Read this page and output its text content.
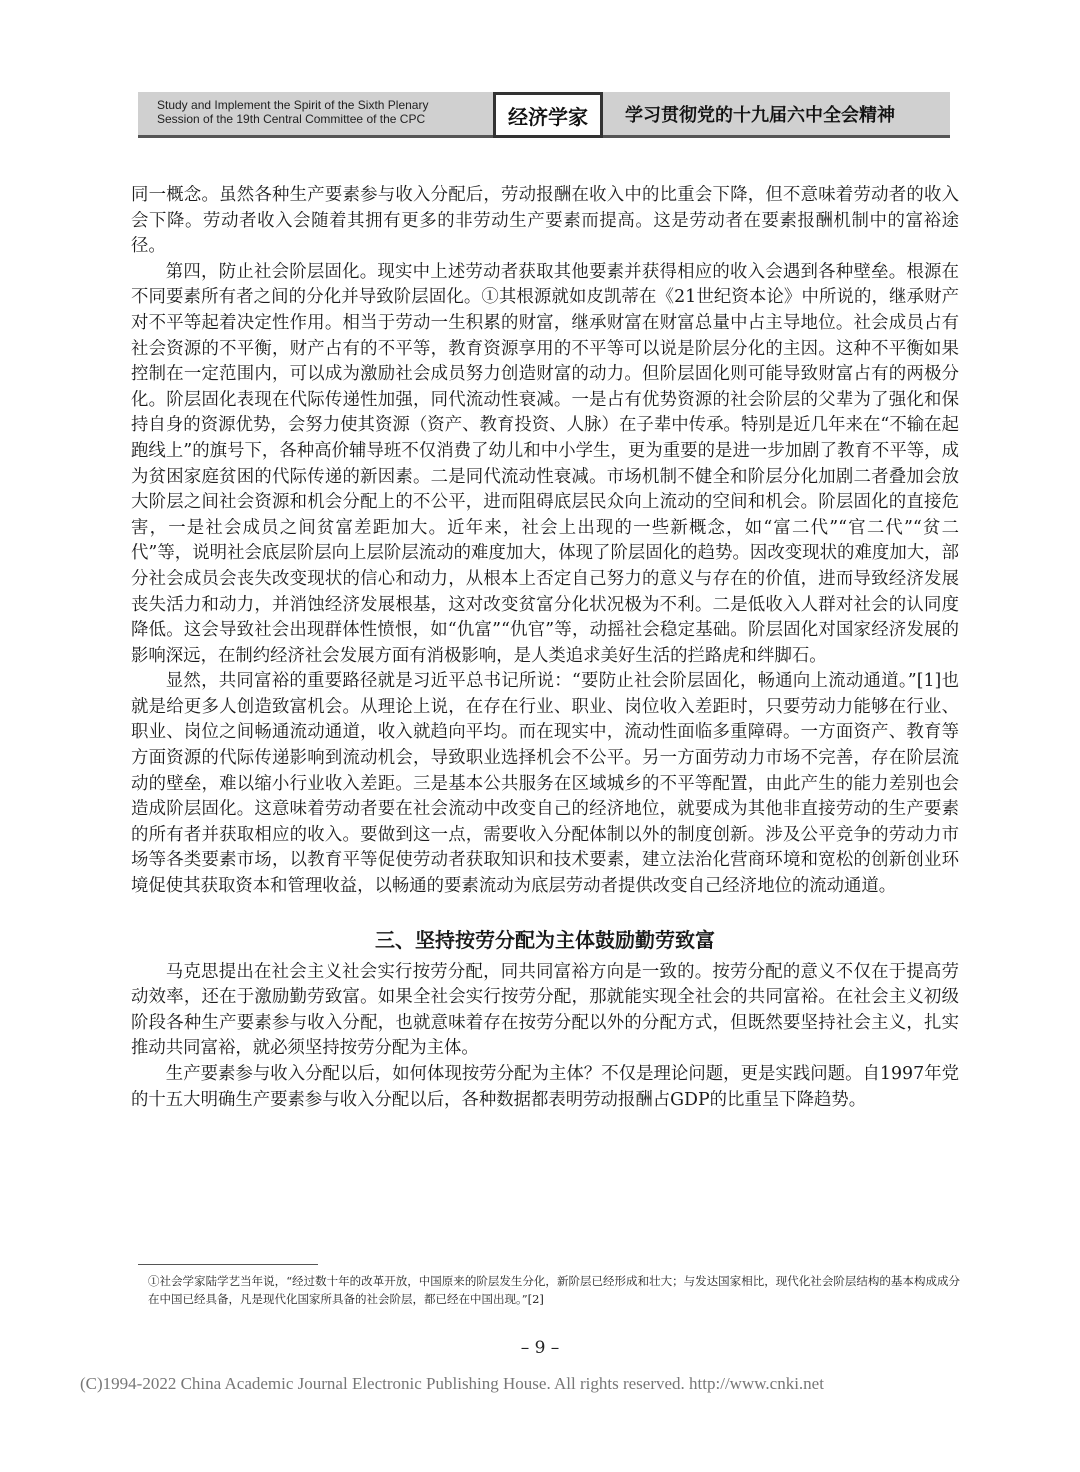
Study and Implement the Spirit of the Sixth Plenary

Session of the 19th Central Committee of the CPC	经济学家	学习贯彻党的十九届六中全会精神

同一概念。虽然各种生产要素参与收入分配后，劳动报酬在收入中的比重会下降，但不意味着劳动者的收入会下降。劳动者收入会随着其拥有更多的非劳动生产要素而提高。这是劳动者在要素报酬机制中的富裕途径。

第四，防止社会阶层固化。现实中上述劳动者获取其他要素并获得相应的收入会遇到各种壁垒。根源在不同要素所有者之间的分化并导致阶层固化。①其根源就如皮凯蒂在《21世纪资本论》中所说的，继承财产对不平等起着决定性作用。相当于劳动一生积累的财富，继承财富在财富总量中占主导地位。社会成员占有社会资源的不平衡，财产占有的不平等，教育资源享用的不平等可以说是阶层分化的主因。这种不平衡如果控制在一定范围内，可以成为激励社会成员努力创造财富的动力。但阶层固化则可能导致财富占有的两极分化。阶层固化表现在代际传递性加强，同代流动性衰减。一是占有优势资源的社会阶层的父辈为了强化和保持自身的资源优势，会努力使其资源（资产、教育投资、人脉）在子辈中传承。特别是近几年来在“不输在起跑线上”的旗号下，各种高价辅导班不仅消费了幼儿和中小学生，更为重要的是进一步加剧了教育不平等，成为贫困家庭贫困的代际传递的新因素。二是同代流动性衰减。市场机制不健全和阶层分化加剧二者叠加会放大阶层之间社会资源和机会分配上的不公平，进而阻碍底层民众向上流动的空间和机会。阶层固化的直接危害，一是社会成员之间贫富差距加大。近年来，社会上出现的一些新概念，如“富二代”“官二代”“贫二代”等，说明社会底层阶层向上层阶层流动的难度加大，体现了阶层固化的趋势。因改变现状的难度加大，部分社会成员会丧失改变现状的信心和动力，从根本上否定自己努力的意义与存在的价值，进而导致经济发展丧失活力和动力，并消蚀经济发展根基，这对改变贫富分化状况极为不利。二是低收入人群对社会的认同度降低。这会导致社会出现群体性愤恨，如“仇富”“仇官”等，动摇社会稳定基础。阶层固化对国家经济发展的影响深远，在制约经济社会发展方面有消极影响，是人类追求美好生活的拦路虎和绊脚石。

显然，共同富裕的重要路径就是习近平总书记所说：“要防止社会阶层固化，畅通向上流动通道。”[1]也就是给更多人创造致富机会。从理论上说，在存在行业、职业、岗位收入差距时，只要劳动力能够在行业、职业、岗位之间畅通流动通道，收入就趋向平均。而在现实中，流动性面临多重障碍。一方面资产、教育等方面资源的代际传递影响到流动机会，导致职业选择机会不公平。另一方面劳动力市场不完善，存在阶层流动的壁垒，难以缩小行业收入差距。三是基本公共服务在区域城乡的不平等配置，由此产生的能力差别也会造成阶层固化。这意味着劳动者要在社会流动中改变自己的经济地位，就要成为其他非直接劳动的生产要素的所有者并获取相应的收入。要做到这一点，需要收入分配体制以外的制度创新。涉及公平竞争的劳动力市场等各类要素市场，以教育平等促使劳动者获取知识和技术要素，建立法治化营商环境和宽松的创新创业环境促使其获取资本和管理收益，以畅通的要素流动为底层劳动者提供改变自己经济地位的流动通道。

三、坚持按劳分配为主体鼓励勤劳致富

马克思提出在社会主义社会实行按劳分配，同共同富裕方向是一致的。按劳分配的意义不仅在于提高劳动效率，还在于激励勤劳致富。如果全社会实行按劳分配，那就能实现全社会的共同富裕。在社会主义初级阶段各种生产要素参与收入分配，也就意味着存在按劳分配以外的分配方式，但既然要坚持社会主义，扎实推动共同富裕，就必须坚持按劳分配为主体。

生产要素参与收入分配以后，如何体现按劳分配为主体？不仅是理论问题，更是实践问题。自1997年党的十五大明确生产要素参与收入分配以后，各种数据都表明劳动报酬占GDP的比重呈下降趋势。

①社会学家陆学艺当年说，“经过数十年的改革开放，中国原来的阶层发生分化，新阶层已经形成和壮大；与发达国家相比，现代化社会阶层结构的基本构成成分在中国已经具备，凡是现代化国家所具备的社会阶层，都已经在中国出现。”[2]
– 9 –
(C)1994-2022 China Academic Journal Electronic Publishing House. All rights reserved. http://www.cnki.net
